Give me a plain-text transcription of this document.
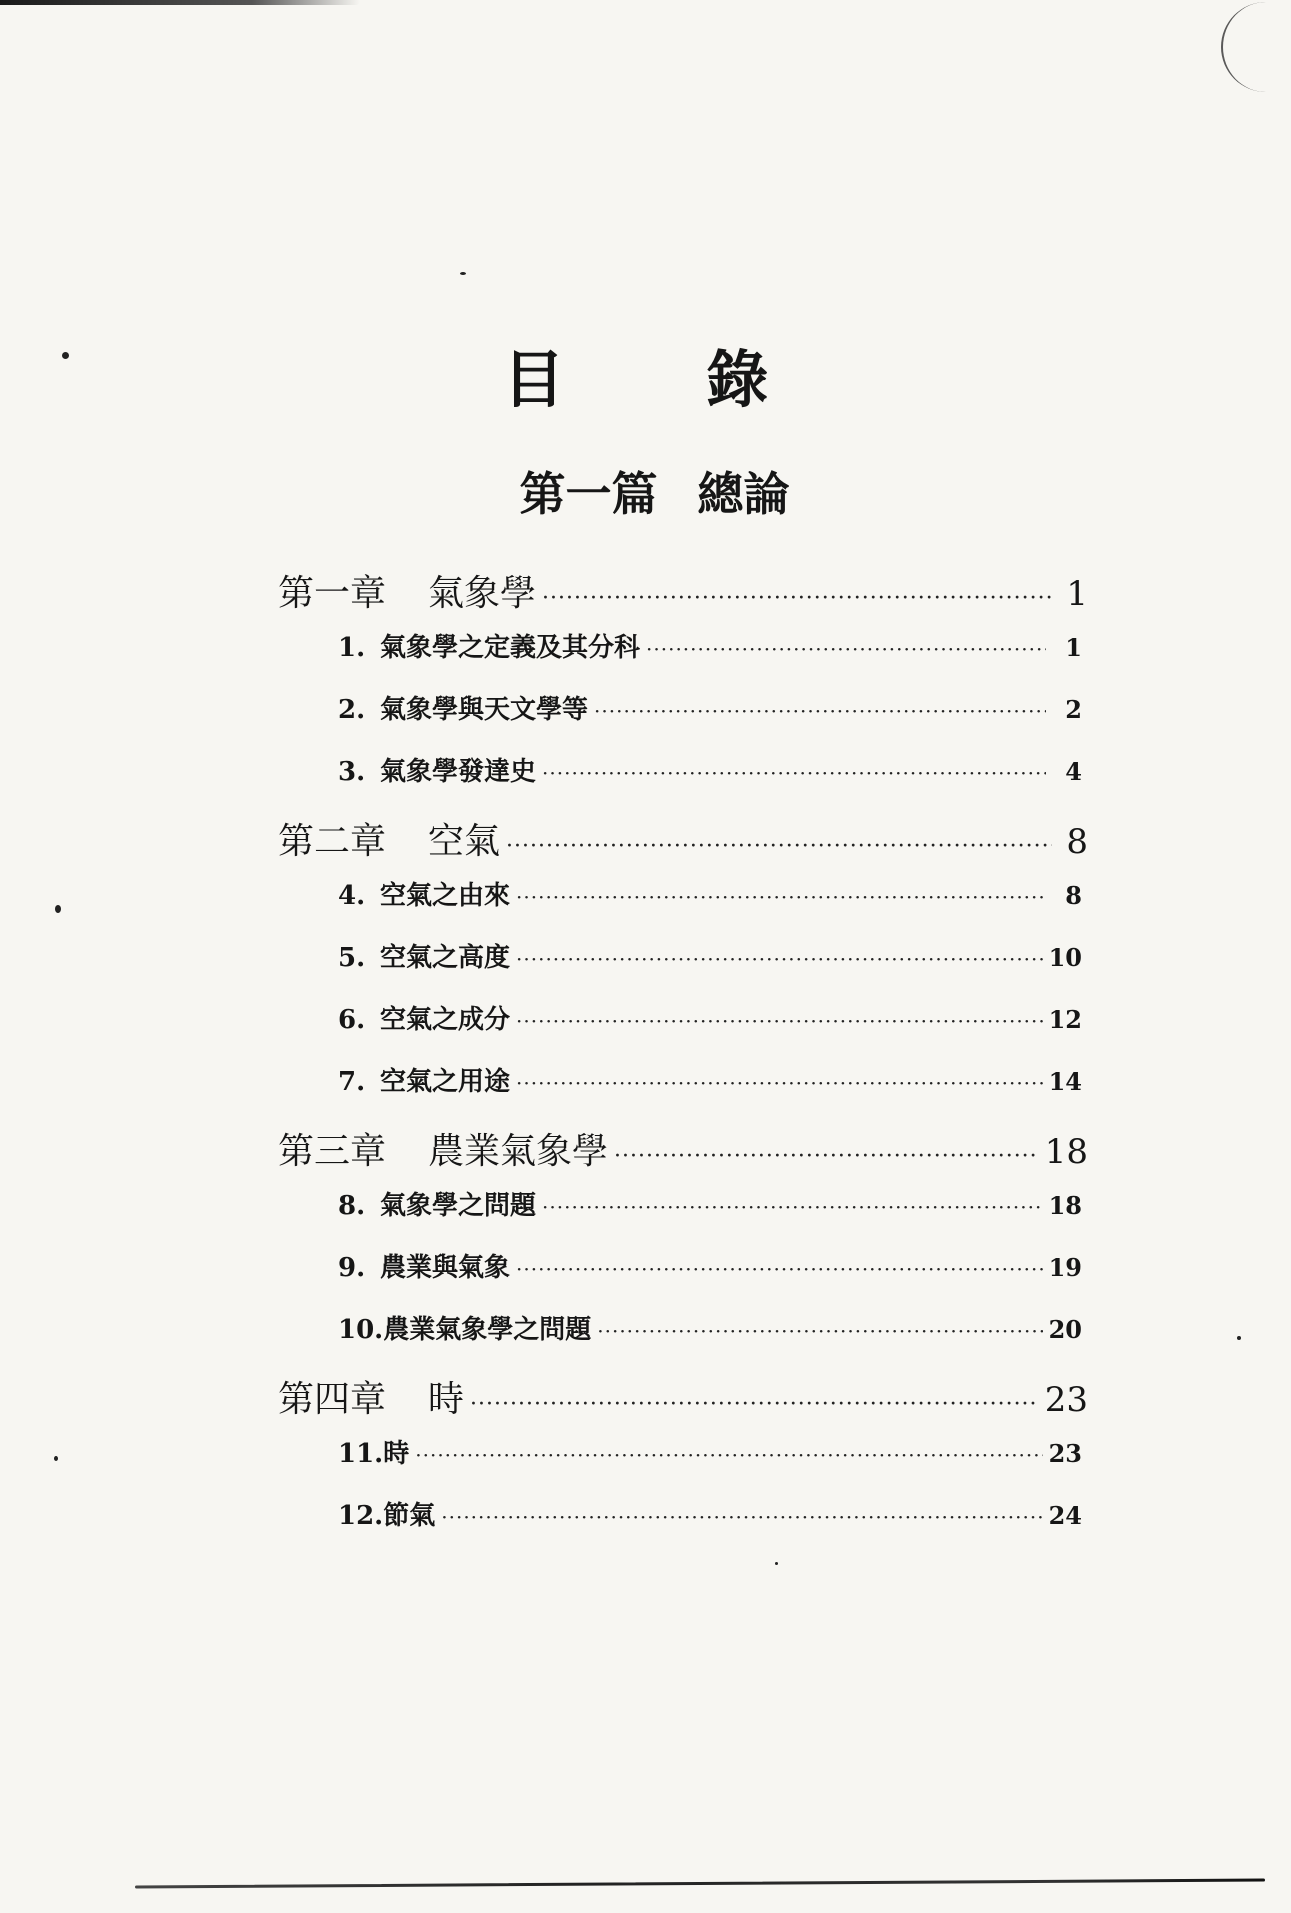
目 錄
第一篇 總論
第一章 氣象學 ·····	1
1. 氣象學之定義及其分科 ·····	1
2. 氣象學與天文學等 ·····	2
3. 氣象學發達史 ·····	4
第二章 空氣 ·····	8
4. 空氣之由來 ·····	8
5. 空氣之高度 ·····	10
6. 空氣之成分 ·····	12
7. 空氣之用途 ·····	14
第三章 農業氣象學 ·····	18
8. 氣象學之問題 ·····	18
9. 農業與氣象 ·····	19
10. 農業氣象學之問題 ·····	20
第四章 時 ·····	23
11. 時 ·····	23
12. 節氣 ·····	24
